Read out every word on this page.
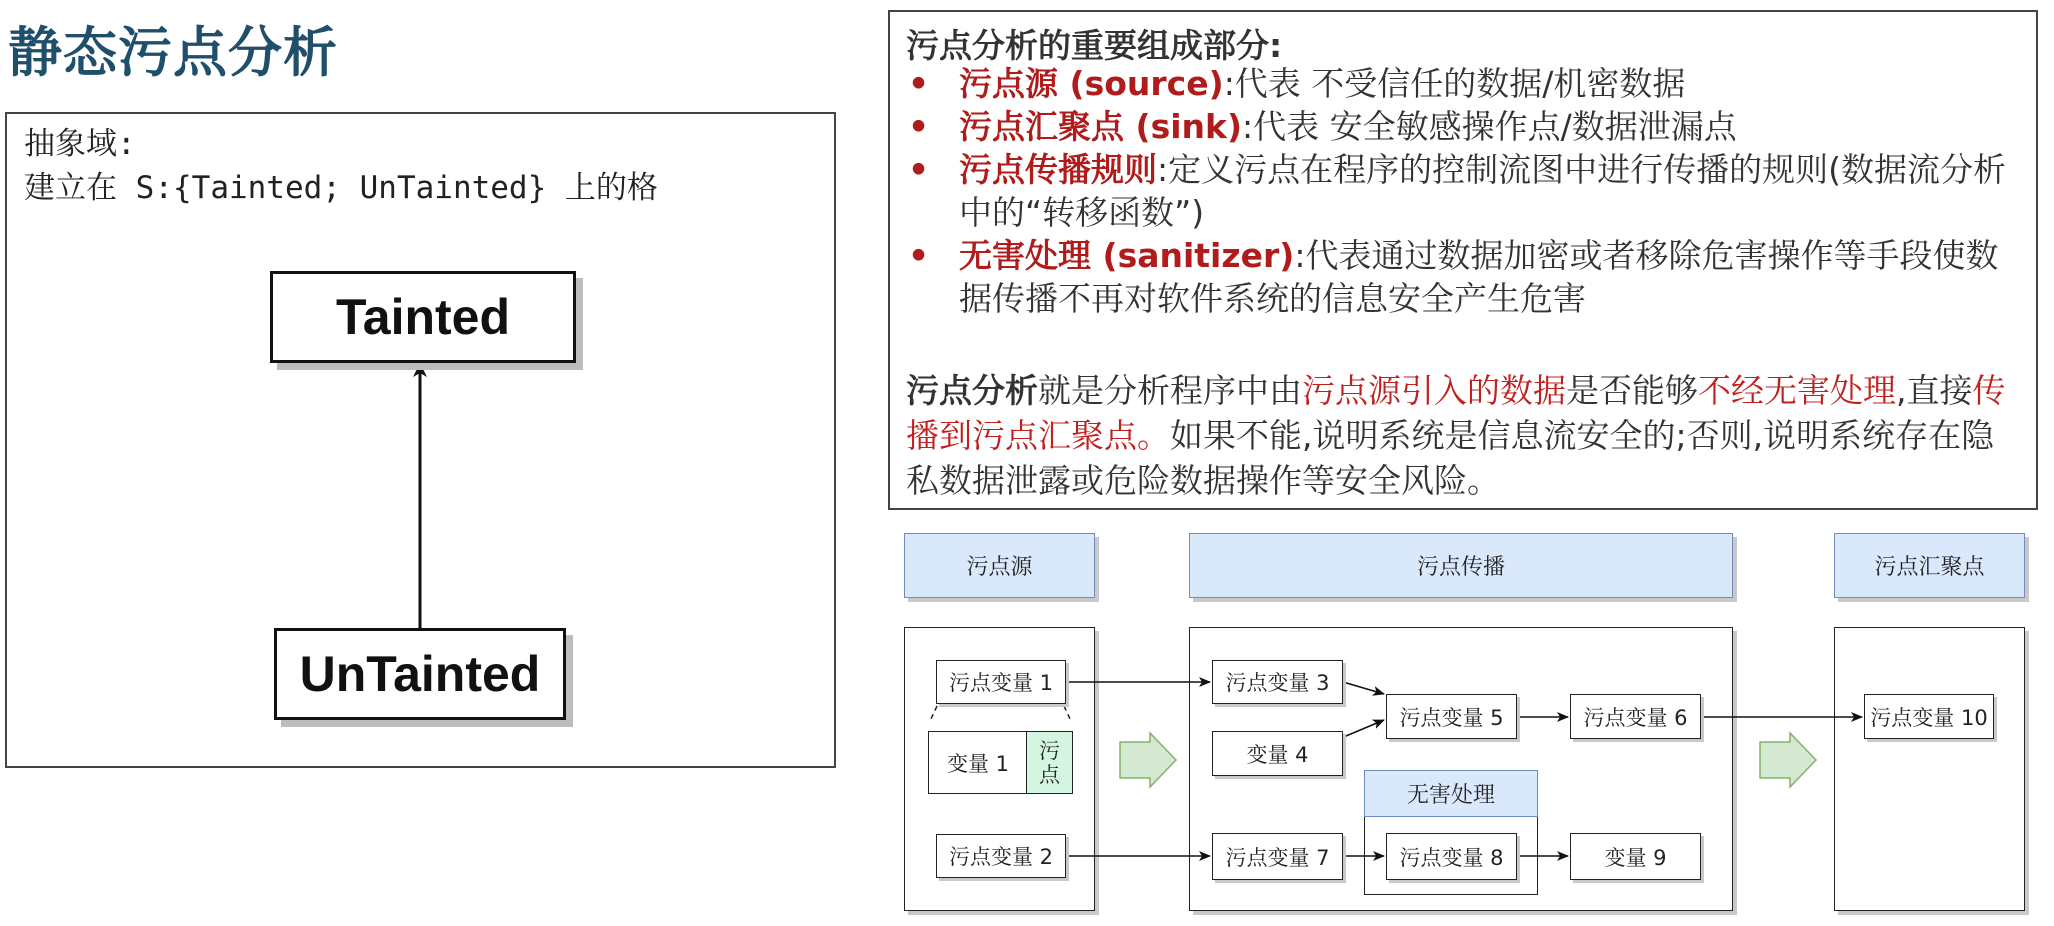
静态污点分析
抽象域:
建立在 S:{Tainted; UnTainted} 上的格
Tainted
UnTainted
污点分析的重要组成部分:
• 污点源 (source):代表 不受信任的数据/机密数据
• 污点汇聚点 (sink):代表 安全敏感操作点/数据泄漏点
• 污点传播规则:定义污点在程序的控制流图中进行传播的规则(数据流分析中的“转移函数”)
• 无害处理 (sanitizer):代表通过数据加密或者移除危害操作等手段使数据传播不再对软件系统的信息安全产生危害
污点分析就是分析程序中由污点源引入的数据是否能够不经无害处理,直接传播到污点汇聚点。如果不能,说明系统是信息流安全的;否则,说明系统存在隐私数据泄露或危险数据操作等安全风险。
污点源	污点传播	污点汇聚点
无害处理
污点变量 1
变量 1
污
点
污点变量 2
污点变量 3
变量 4
污点变量 5	污点变量 6
污点变量 7	污点变量 8	变量 9
污点变量 10
